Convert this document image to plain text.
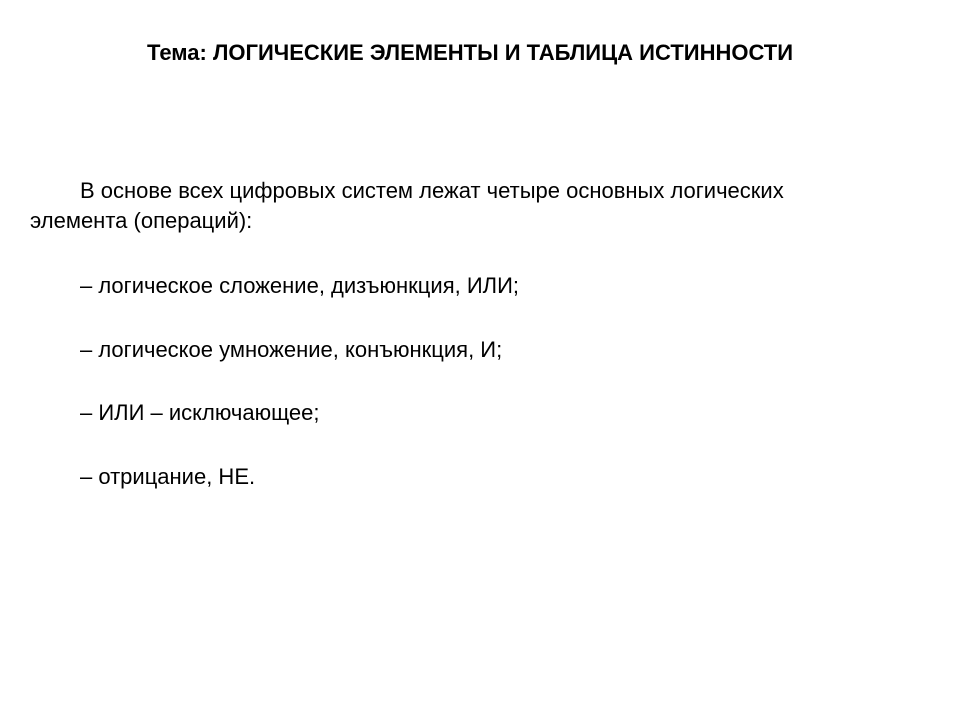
Тема: ЛОГИЧЕСКИЕ ЭЛЕМЕНТЫ И ТАБЛИЦА ИСТИННОСТИ
В основе всех цифровых систем лежат четыре основных логических
элемента (операций):
– логическое сложение, дизъюнкция, ИЛИ;
– логическое умножение, конъюнкция, И;
– ИЛИ – исключающее;
– отрицание, НЕ.
